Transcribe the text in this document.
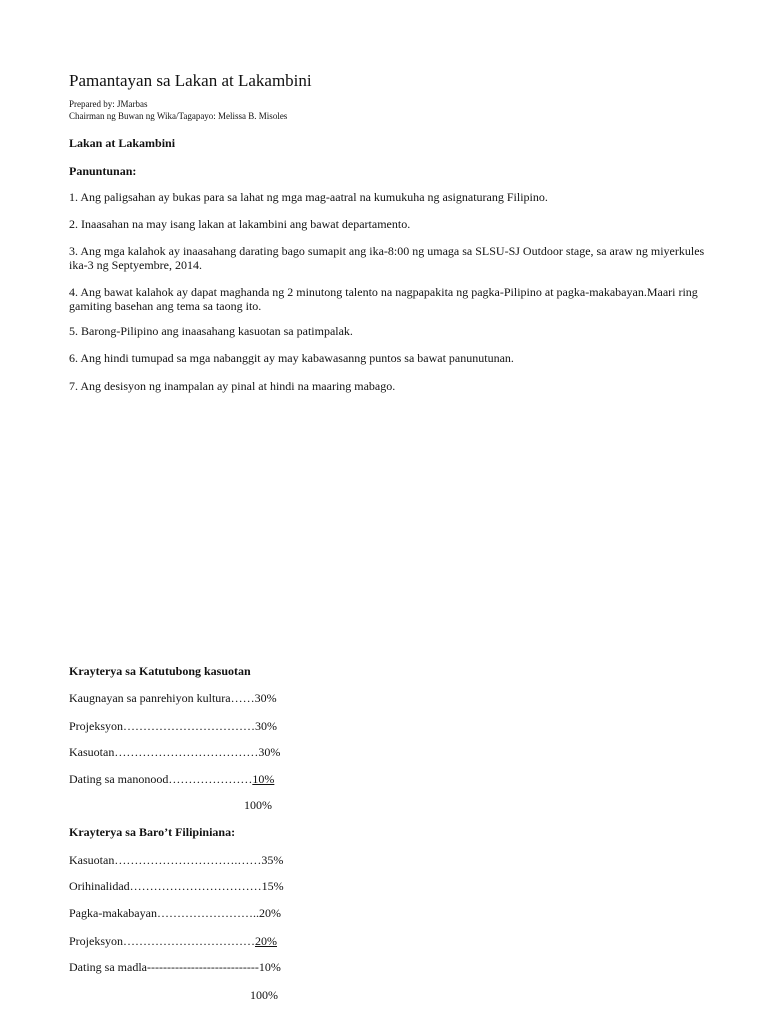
Pamantayan sa Lakan at Lakambini
Prepared by: JMarbas
Chairman ng Buwan ng Wika/Tagapayo: Melissa B. Misoles
Lakan at Lakambini
Panuntunan:
1. Ang paligsahan ay bukas para sa lahat ng mga mag-aatral na kumukuha ng asignaturang Filipino.
2. Inaasahan na may isang lakan at lakambini ang bawat departamento.
3. Ang mga kalahok ay inaasahang darating bago sumapit ang ika-8:00 ng umaga sa SLSU-SJ Outdoor stage, sa araw ng miyerkules ika-3 ng Septyembre, 2014.
4. Ang bawat kalahok ay dapat maghanda ng 2 minutong talento na nagpapakita ng pagka-Pilipino at pagka-makabayan.Maari ring gamiting basehan ang tema sa taong ito.
5. Barong-Pilipino ang inaasahang kasuotan sa patimpalak.
6. Ang hindi tumupad sa mga nabanggit ay may kabawasanng puntos sa bawat panunutunan.
7. Ang desisyon ng inampalan ay pinal at hindi na maaring mabago.
Krayterya sa Katutubong kasuotan
Kaugnayan sa panrehiyon kultura……30%
Projeksyon……………………………30%
Kasuotan………………………………30%
Dating sa manonood…………………10%
100%
Krayterya sa Baro’t Filipiniana:
Kasuotan………………………….……35%
Orihinalidad……………………………15%
Pagka-makabayan……………………..20%
Projeksyon……………………………20%
Dating sa madla----------------------------10%
100%
